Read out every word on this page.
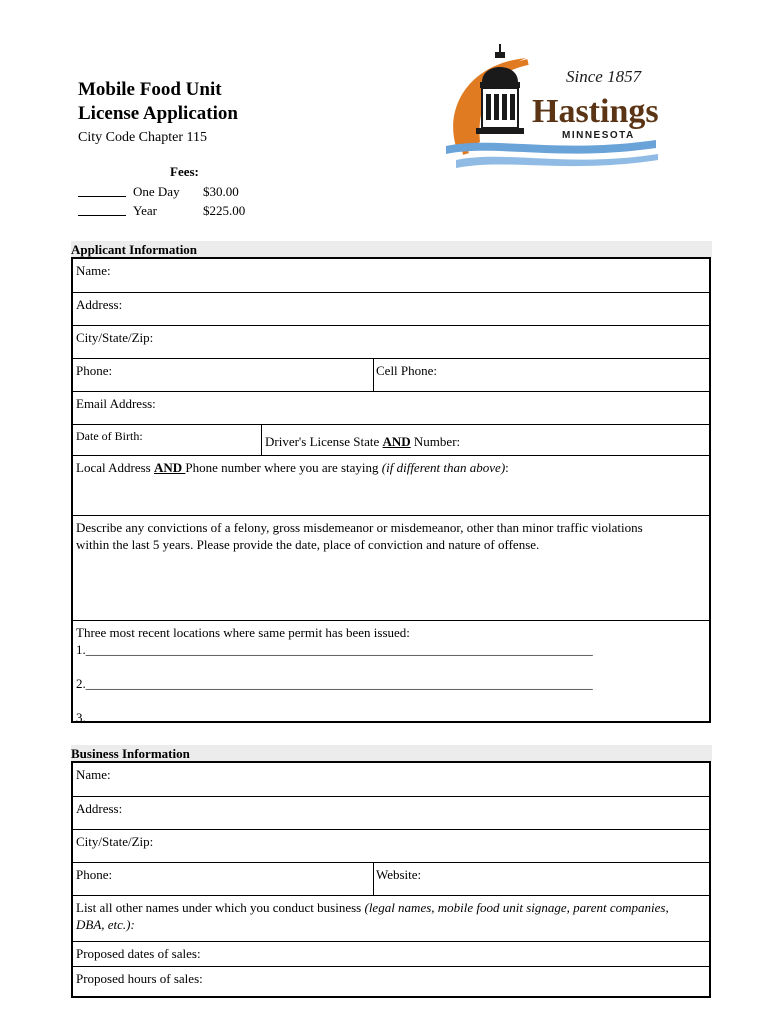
Mobile Food Unit
License Application
City Code Chapter 115
Fees:
One Day $30.00
Year	$225.00
Since 1857
Hastings
MINNESOTA
Applicant Information
Name:
Address:
City/State/Zip:
Phone:	Cell Phone:
Email Address:
Date of Birth:	Driver's License State AND Number:
Local Address AND Phone number where you are staying (if different than above):
Describe any convictions of a felony, gross misdemeanor or misdemeanor, other than minor traffic violations
within the last 5 years. Please provide the date, place of conviction and nature of offense.
Three most recent locations where same permit has been issued:
1.______________________________________________________________________________
2.______________________________________________________________________________
3.
Business Information
Name:
Address:
City/State/Zip:
Phone:	Website:
List all other names under which you conduct business (legal names, mobile food unit signage, parent companies,
DBA, etc.):
Proposed dates of sales:
Proposed hours of sales:
